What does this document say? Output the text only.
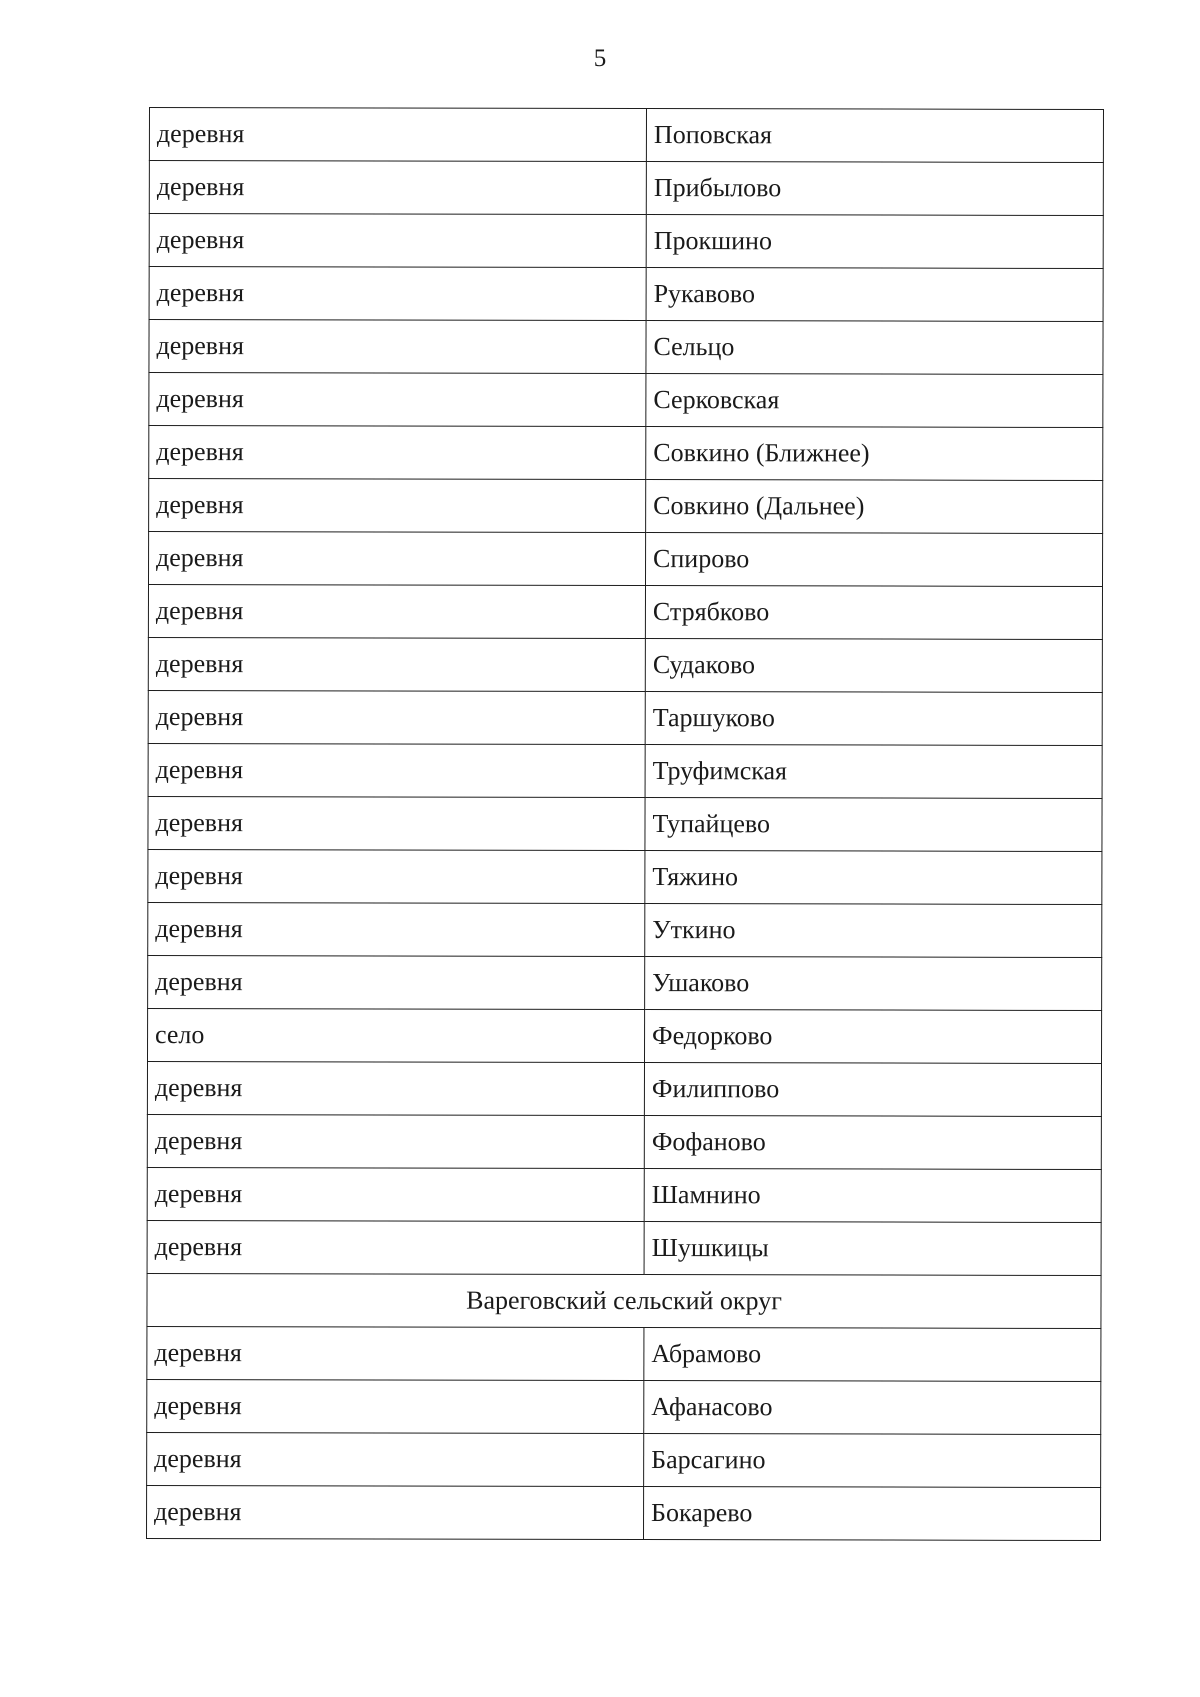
5
деревня	Поповская
деревня	Прибылово
деревня	Прокшино
деревня	Рукавово
деревня	Сельцо
деревня	Серковская
деревня	Совкино (Ближнее)
деревня	Совкино (Дальнее)
деревня	Спирово
деревня	Стрябково
деревня	Судаково
деревня	Таршуково
деревня	Труфимская
деревня	Тупайцево
деревня	Тяжино
деревня	Уткино
деревня	Ушаково
село	Федорково
деревня	Филиппово
деревня	Фофаново
деревня	Шамнино
деревня	Шушкицы
Вареговский сельский округ	
деревня	Абрамово
деревня	Афанасово
деревня	Барсагино
деревня	Бокарево
